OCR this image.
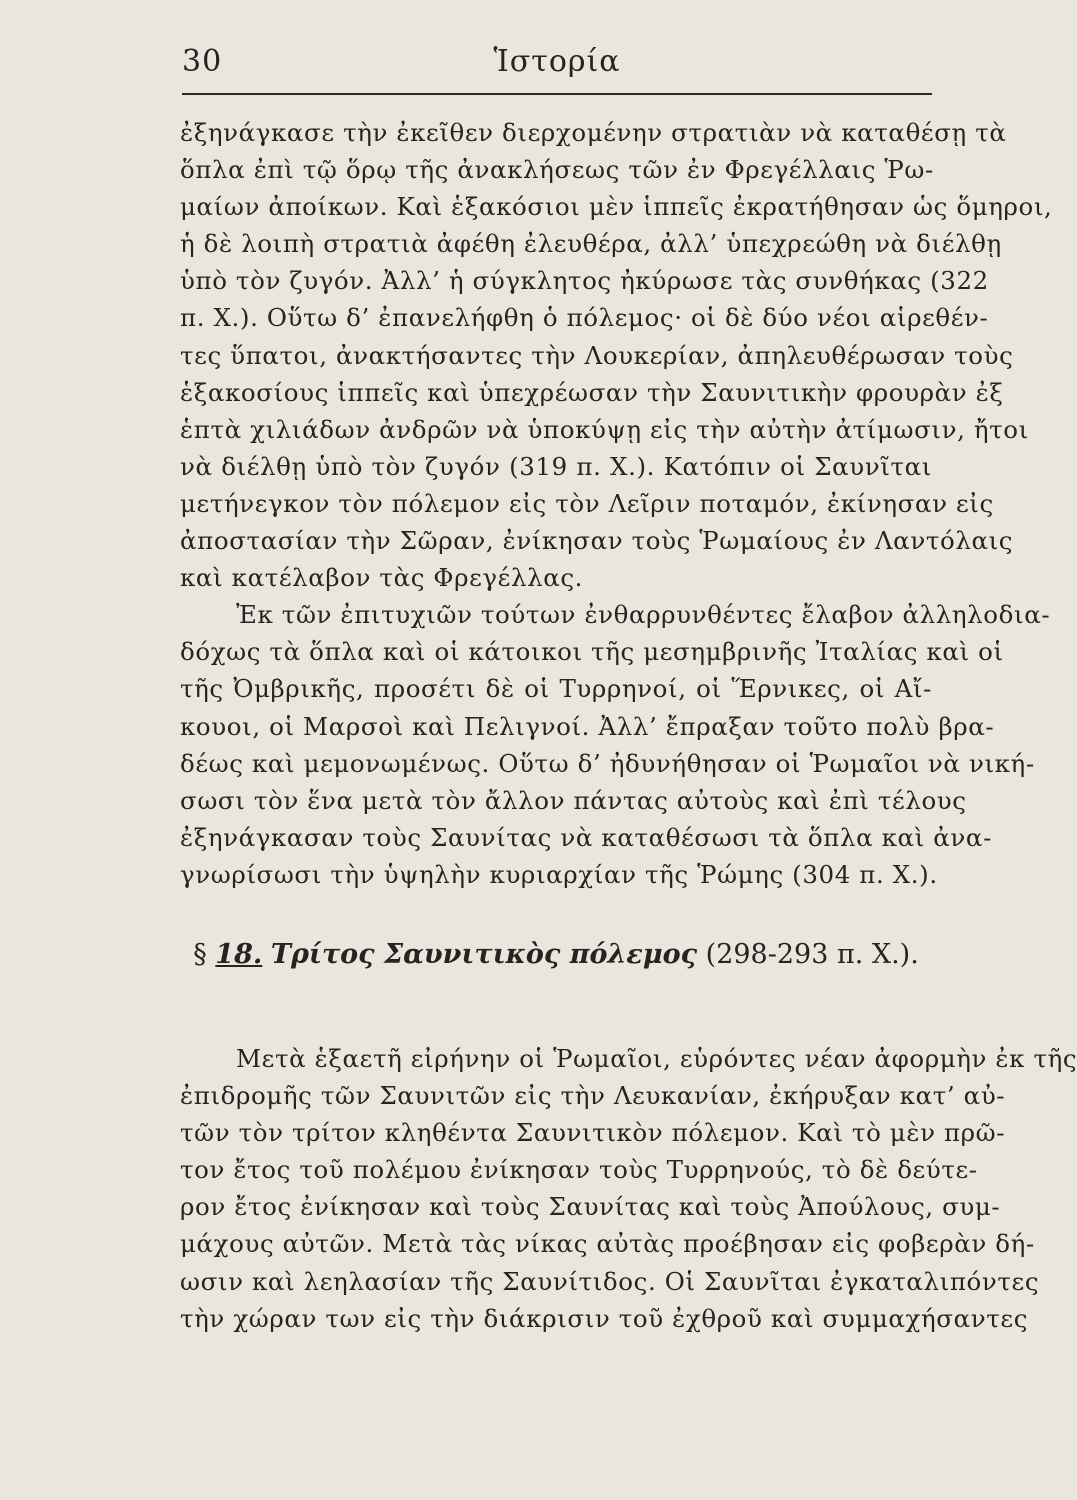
30	Ἱστορία
ἐξηνάγκασε τὴν ἐκεῖθεν διερχομένην στρατιὰν νὰ καταθέσῃ τὰ
ὅπλα ἐπὶ τῷ ὅρῳ τῆς ἀνακλήσεως τῶν ἐν Φρεγέλλαις Ῥω-
μαίων ἀποίκων. Καὶ ἑξακόσιοι μὲν ἱππεῖς ἐκρατήθησαν ὡς ὅμηροι,
ἡ δὲ λοιπὴ στρατιὰ ἀφέθη ἐλευθέρα, ἀλλ’ ὑπεχρεώθη νὰ διέλθῃ
ὑπὸ τὸν ζυγόν. Ἀλλ’ ἡ σύγκλητος ἠκύρωσε τὰς συνθήκας (322
π. Χ.). Οὕτω δ’ ἐπανελήφθη ὁ πόλεμος· οἱ δὲ δύο νέοι αἱρεθέν-
τες ὕπατοι, ἀνακτήσαντες τὴν Λουκερίαν, ἀπηλευθέρωσαν τοὺς
ἑξακοσίους ἱππεῖς καὶ ὑπεχρέωσαν τὴν Σαυνιτικὴν φρουρὰν ἐξ
ἑπτὰ χιλιάδων ἀνδρῶν νὰ ὑποκύψῃ εἰς τὴν αὐτὴν ἀτίμωσιν, ἤτοι
νὰ διέλθῃ ὑπὸ τὸν ζυγόν (319 π. Χ.). Κατόπιν οἱ Σαυνῖται
μετήνεγκον τὸν πόλεμον εἰς τὸν Λεῖριν ποταμόν, ἐκίνησαν εἰς
ἀποστασίαν τὴν Σῶραν, ἐνίκησαν τοὺς Ῥωμαίους ἐν Λαντόλαις
καὶ κατέλαβον τὰς Φρεγέλλας.
Ἐκ τῶν ἐπιτυχιῶν τούτων ἐνθαρρυνθέντες ἔλαβον ἀλληλοδια-
δόχως τὰ ὅπλα καὶ οἱ κάτοικοι τῆς μεσημβρινῆς Ἰταλίας καὶ οἱ
τῆς Ὀμβρικῆς, προσέτι δὲ οἱ Τυρρηνοί, οἱ Ἕρνικες, οἱ Αἴ-
κουοι, οἱ Μαρσοὶ καὶ Πελιγνοί. Ἀλλ’ ἔπραξαν τοῦτο πολὺ βρα-
δέως καὶ μεμονωμένως. Οὕτω δ’ ἠδυνήθησαν οἱ Ῥωμαῖοι νὰ νική-
σωσι τὸν ἕνα μετὰ τὸν ἄλλον πάντας αὐτοὺς καὶ ἐπὶ τέλους
ἐξηνάγκασαν τοὺς Σαυνίτας νὰ καταθέσωσι τὰ ὅπλα καὶ ἀνα-
γνωρίσωσι τὴν ὑψηλὴν κυριαρχίαν τῆς Ῥώμης (304 π. Χ.).
§ 18. Τρίτος Σαυνιτικὸς πόλεμος (298-293 π. Χ.).
Μετὰ ἑξαετῆ εἰρήνην οἱ Ῥωμαῖοι, εὑρόντες νέαν ἀφορμὴν ἐκ τῆς
ἐπιδρομῆς τῶν Σαυνιτῶν εἰς τὴν Λευκανίαν, ἐκήρυξαν κατ’ αὐ-
τῶν τὸν τρίτον κληθέντα Σαυνιτικὸν πόλεμον. Καὶ τὸ μὲν πρῶ-
τον ἔτος τοῦ πολέμου ἐνίκησαν τοὺς Τυρρηνούς, τὸ δὲ δεύτε-
ρον ἔτος ἐνίκησαν καὶ τοὺς Σαυνίτας καὶ τοὺς Ἀπούλους, συμ-
μάχους αὐτῶν. Μετὰ τὰς νίκας αὐτὰς προέβησαν εἰς φοβερὰν δή-
ωσιν καὶ λεηλασίαν τῆς Σαυνίτιδος. Οἱ Σαυνῖται ἐγκαταλιπόντες
τὴν χώραν των εἰς τὴν διάκρισιν τοῦ ἐχθροῦ καὶ συμμαχήσαντες
